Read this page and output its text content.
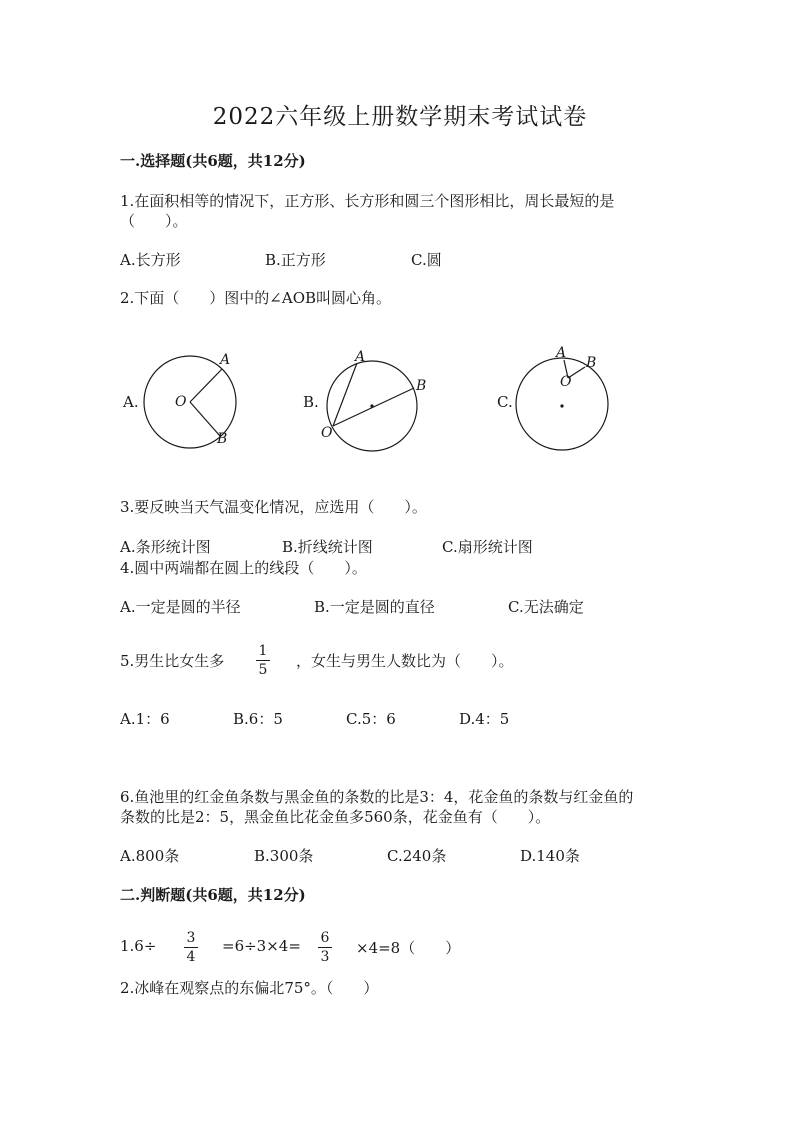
2022六年级上册数学期末考试试卷
一.选择题(共6题，共12分)
1.在面积相等的情况下，正方形、长方形和圆三个图形相比，周长最短的是
（　　）。
A.长方形	B.正方形	C.圆
2.下面（　　）图中的∠AOB叫圆心角。
A.	O
A
B
B.
O
A
B
C.
O
A
B
3.要反映当天气温变化情况，应选用（　　）。
A.条形统计图	B.折线统计图	C.扇形统计图
4.圆中两端都在圆上的线段（　　）。
A.一定是圆的半径	B.一定是圆的直径	C.无法确定
5.男生比女生多
1
5 ，女生与男生人数比为（　　）。
A.1：6	B.6：5	C.5：6	D.4：5
6.鱼池里的红金鱼条数与黑金鱼的条数的比是3：4，花金鱼的条数与红金鱼的
条数的比是2：5，黑金鱼比花金鱼多560条，花金鱼有（　　）。
A.800条	B.300条	C.240条	D.140条
二.判断题(共6题，共12分)
1.6÷ 3
4
=6÷3×4= 6
3 ×4=8（　　）
2.冰峰在观察点的东偏北75°。（　　）
